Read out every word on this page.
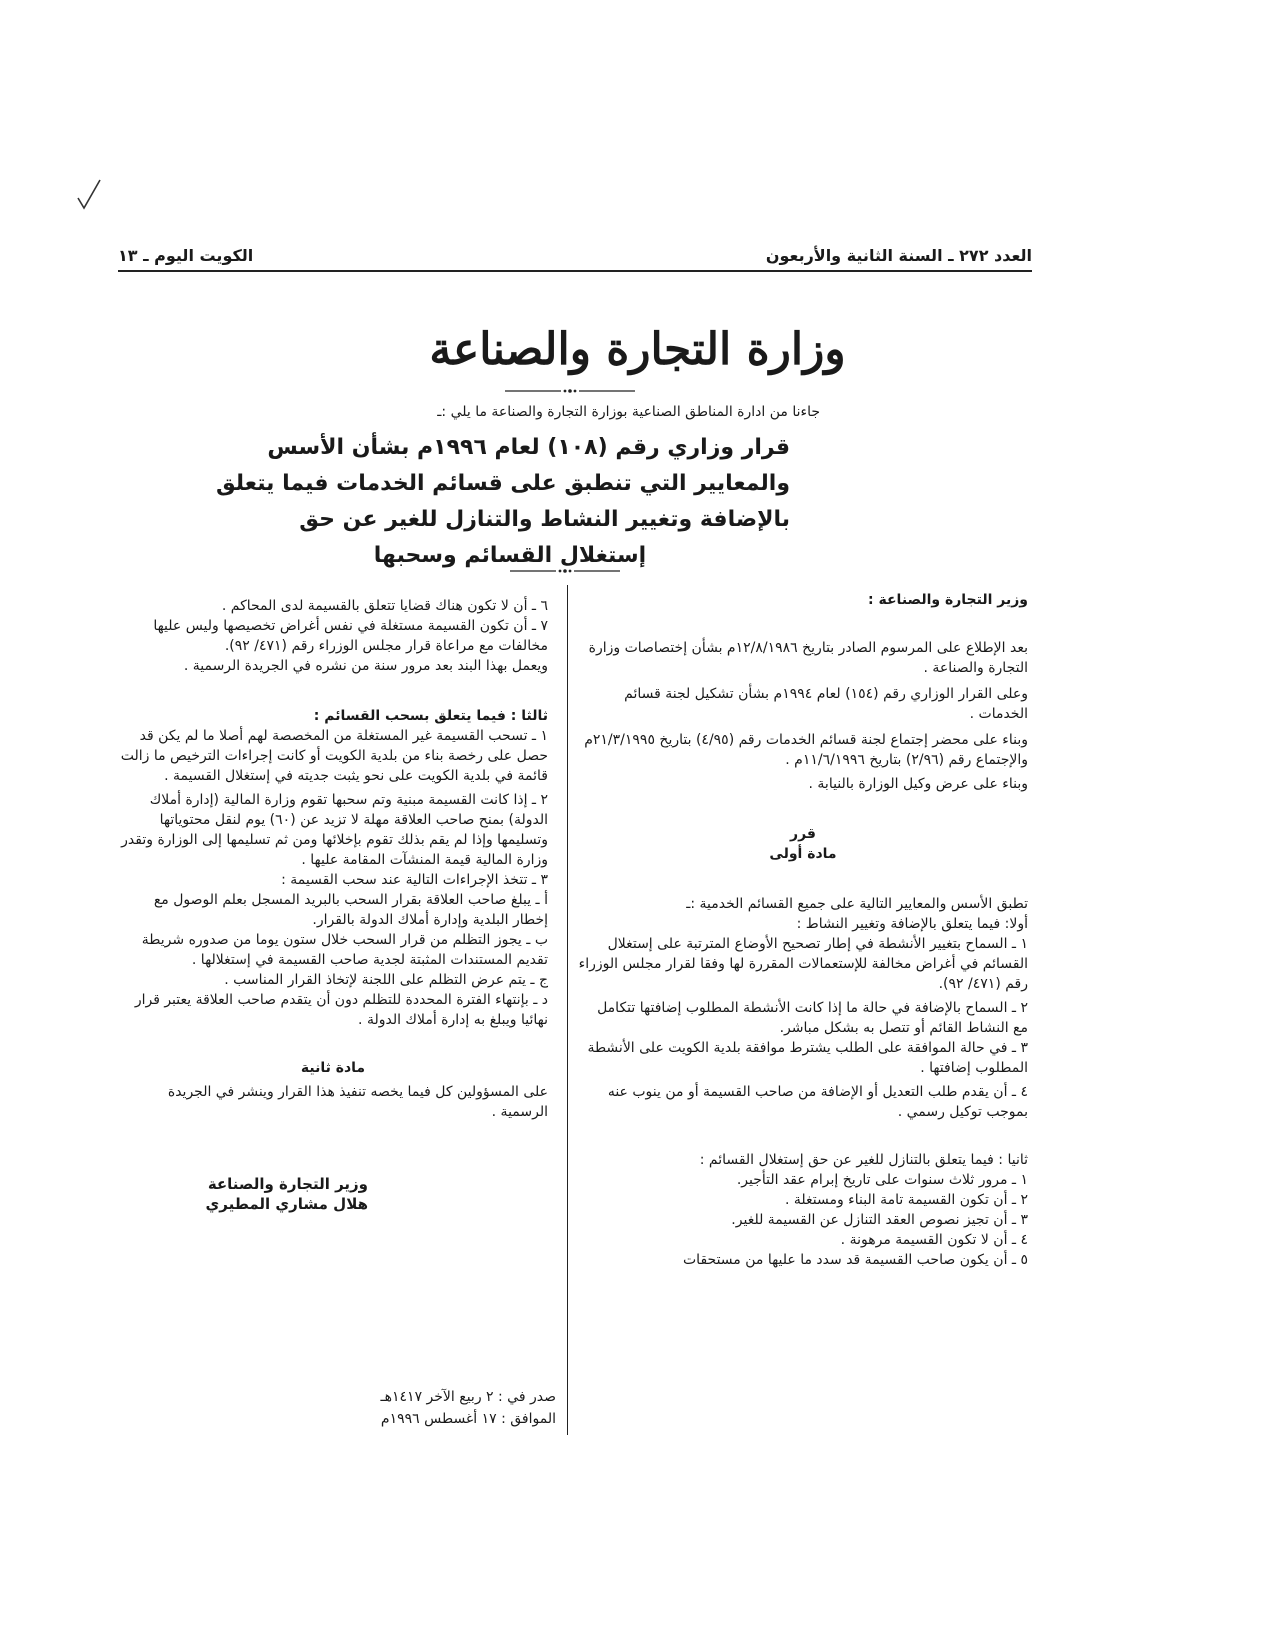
العدد ٢٧٢ ـ السنة الثانية والأربعون
الكويت اليوم ـ ١٣
وزارة التجارة والصناعة
جاءنا من ادارة المناطق الصناعية بوزارة التجارة والصناعة ما يلي :ـ
قرار وزاري رقم (١٠٨) لعام ١٩٩٦م بشأن الأسس
والمعايير التي تنطبق على قسائم الخدمات فيما يتعلق
بالإضافة وتغيير النشاط والتنازل للغير عن حق
إستغلال القسائم وسحبها

وزير التجارة والصناعة :

بعد الإطلاع على المرسوم الصادر بتاريخ ١٢/٨/١٩٨٦م بشأن إختصاصات وزارة التجارة والصناعة .

وعلى القرار الوزاري رقم (١٥٤) لعام ١٩٩٤م بشأن تشكيل لجنة قسائم الخدمات .

وبناء على محضر إجتماع لجنة قسائم الخدمات رقم (٤/٩٥) بتاريخ ٢١/٣/١٩٩٥م والإجتماع رقم (٢/٩٦) بتاريخ ١١/٦/١٩٩٦م .

وبناء على عرض وكيل الوزارة بالنيابة .

قرر

مادة أولى

تطبق الأسس والمعايير التالية على جميع القسائم الخدمية :ـ

أولا: فيما يتعلق بالإضافة وتغيير النشاط :

١ ـ السماح بتغيير الأنشطة في إطار تصحيح الأوضاع المترتبة على إستغلال القسائم في أغراض مخالفة للإستعمالات المقررة لها وفقا لقرار مجلس الوزراء رقم (٤٧١/ ٩٢).

٢ ـ السماح بالإضافة في حالة ما إذا كانت الأنشطة المطلوب إضافتها تتكامل مع النشاط القائم أو تتصل به بشكل مباشر.

٣ ـ في حالة الموافقة على الطلب يشترط موافقة بلدية الكويت على الأنشطة المطلوب إضافتها .

٤ ـ أن يقدم طلب التعديل أو الإضافة من صاحب القسيمة أو من ينوب عنه بموجب توكيل رسمي .

ثانيا : فيما يتعلق بالتنازل للغير عن حق إستغلال القسائم :

١ ـ مرور ثلاث سنوات على تاريخ إبرام عقد التأجير.

٢ ـ أن تكون القسيمة تامة البناء ومستغلة .

٣ ـ أن تجيز نصوص العقد التنازل عن القسيمة للغير.

٤ ـ أن لا تكون القسيمة مرهونة .

٥ ـ أن يكون صاحب القسيمة قد سدد ما عليها من مستحقات

٦ ـ أن لا تكون هناك قضايا تتعلق بالقسيمة لدى المحاكم .

٧ ـ أن تكون القسيمة مستغلة في نفس أغراض تخصيصها وليس عليها مخالفات مع مراعاة قرار مجلس الوزراء رقم (٤٧١/ ٩٢).

ويعمل بهذا البند بعد مرور سنة من نشره في الجريدة الرسمية .

ثالثا : فيما يتعلق بسحب القسائم :

١ ـ تسحب القسيمة غير المستغلة من المخصصة لهم أصلا ما لم يكن قد حصل على رخصة بناء من بلدية الكويت أو كانت إجراءات الترخيص ما زالت قائمة في بلدية الكويت على نحو يثبت جديته في إستغلال القسيمة .

٢ ـ إذا كانت القسيمة مبنية وتم سحبها تقوم وزارة المالية (إدارة أملاك الدولة) بمنح صاحب العلاقة مهلة لا تزيد عن (٦٠) يوم لنقل محتوياتها وتسليمها وإذا لم يقم بذلك تقوم بإخلائها ومن ثم تسليمها إلى الوزارة وتقدر وزارة المالية قيمة المنشآت المقامة عليها .

٣ ـ تتخذ الإجراءات التالية عند سحب القسيمة :

أ ـ يبلغ صاحب العلاقة بقرار السحب بالبريد المسجل بعلم الوصول مع إخطار البلدية وإدارة أملاك الدولة بالقرار.

ب ـ يجوز التظلم من قرار السحب خلال ستون يوما من صدوره شريطة تقديم المستندات المثبتة لجدية صاحب القسيمة في إستغلالها .

ج ـ يتم عرض التظلم على اللجنة لإتخاذ القرار المناسب .

د ـ بإنتهاء الفترة المحددة للتظلم دون أن يتقدم صاحب العلاقة يعتبر قرار نهائيا ويبلغ به إدارة أملاك الدولة .

مادة ثانية

على المسؤولين كل فيما يخصه تنفيذ هذا القرار وينشر في الجريدة الرسمية .

وزير التجارة والصناعة

هلال مشاري المطيري

صدر في : ٢ ربيع الآخر ١٤١٧هـ
الموافق : ١٧ أغسطس ١٩٩٦م
